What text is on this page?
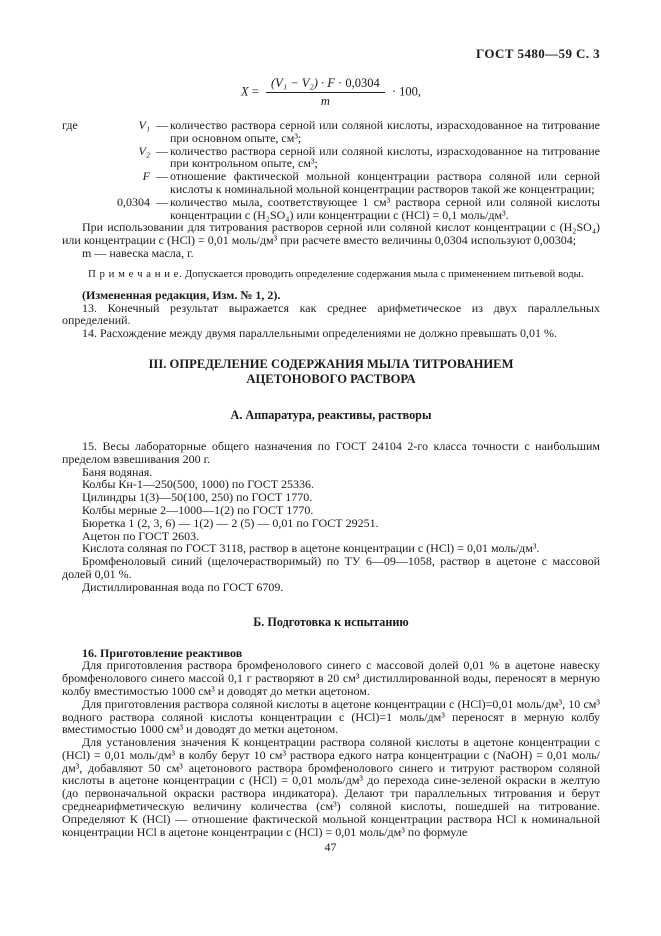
ГОСТ 5480—59 С. 3
$X = \frac{\text{(V₁ − V₂) · F · 0,0304}}{m} \cdot 100$,
где	V₁ — количество раствора серной или соляной кислоты, израсходованное на титрование при основном опыте, см³;
V₂ — количество раствора серной или соляной кислоты, израсходованное на титрование при контрольном опыте, см³;
F — отношение фактической мольной концентрации раствора соляной или серной кислоты к номинальной мольной концентрации растворов такой же концентрации;
0,0304 — количество мыла, соответствующее 1 см³ раствора серной или соляной кислоты концентрации с (H₂SO₄) или концентрации с (HCl) = 0,1 моль/дм³.

При использовании для титрования растворов серной или соляной кислот концентрации с (H₂SO₄) или концентрации с (HCl) = 0,01 моль/дм³ при расчете вместо величины 0,0304 используют 0,00304;

m — навеска масла, г.

П р и м е ч а н и е. Допускается проводить определение содержания мыла с применением питьевой воды.

(Измененная редакция, Изм. № 1, 2).

13. Конечный результат выражается как среднее арифметическое из двух параллельных определений.

14. Расхождение между двумя параллельными определениями не должно превышать 0,01 %.

III. ОПРЕДЕЛЕНИЕ СОДЕРЖАНИЯ МЫЛА ТИТРОВАНИЕМ АЦЕТОНОВОГО РАСТВОРА
А. Аппаратура, реактивы, растворы

15. Весы лабораторные общего назначения по ГОСТ 24104 2-го класса точности с наибольшим пределом взвешивания 200 г.

Баня водяная.

Колбы Кн-1—250(500, 1000) по ГОСТ 25336.

Цилиндры 1(3)—50(100, 250) по ГОСТ 1770.

Колбы мерные 2—1000—1(2) по ГОСТ 1770.

Бюретка 1 (2, 3, 6) — 1(2) — 2 (5) — 0,01 по ГОСТ 29251.

Ацетон по ГОСТ 2603.

Кислота соляная по ГОСТ 3118, раствор в ацетоне концентрации с (HCl) = 0,01 моль/дм³.

Бромфеноловый синий (щелочерастворимый) по ТУ 6—09—1058, раствор в ацетоне с массовой долей 0,01 %.

Дистиллированная вода по ГОСТ 6709.

Б. Подготовка к испытанию

16. Приготовление реактивов

Для приготовления раствора бромфенолового синего с массовой долей 0,01 % в ацетоне навеску бромфенолового синего массой 0,1 г растворяют в 20 см³ дистиллированной воды, переносят в мерную колбу вместимостью 1000 см³ и доводят до метки ацетоном.

Для приготовления раствора соляной кислоты в ацетоне концентрации с (HCl)=0,01 моль/дм³, 10 см³ водного раствора соляной кислоты концентрации с (HCl)=1 моль/дм³ переносят в мерную колбу вместимостью 1000 см³ и доводят до метки ацетоном.

Для установления значения К концентрации раствора соляной кислоты в ацетоне концентрации с (HCl) = 0,01 моль/дм³ в колбу берут 10 см³ раствора едкого натра концентрации с (NaOH) = 0,01 моль/дм³, добавляют 50 см³ ацетонового раствора бромфенолового синего и титруют раствором соляной кислоты в ацетоне концентрации с (HCl) = 0,01 моль/дм³ до перехода сине-зеленой окраски в желтую (до первоначальной окраски раствора индикатора). Делают три параллельных титрования и берут среднеарифметическую величину количества (см³) соляной кислоты, пошедшей на титрование. Определяют К (HCl) — отношение фактической мольной концентрации раствора HCl к номинальной концентрации HCl в ацетоне концентрации с (HCl) = 0,01 моль/дм³ по формуле

47
